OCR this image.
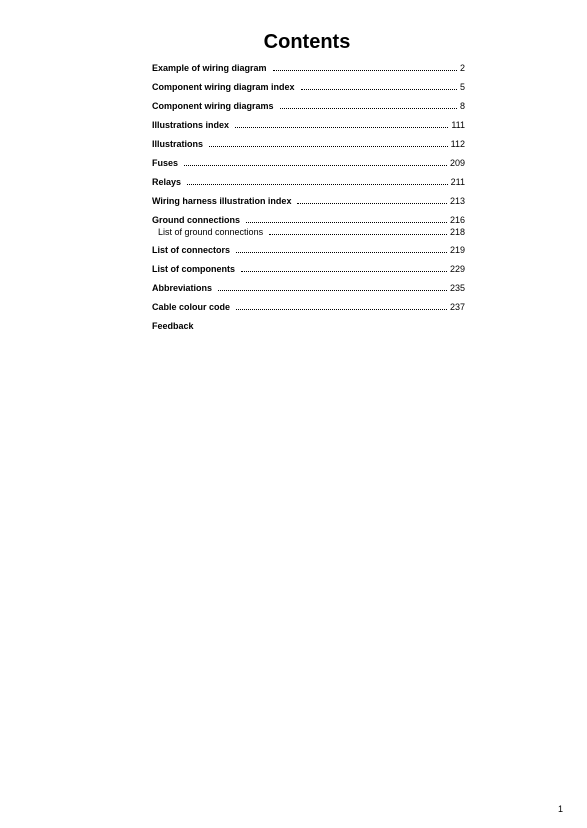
Contents
Example of wiring diagram	2
Component wiring diagram index	5
Component wiring diagrams	8
Illustrations index	111
Illustrations	112
Fuses	209
Relays	211
Wiring harness illustration index	213
Ground connections	216
List of ground connections	218
List of connectors	219
List of components	229
Abbreviations	235
Cable colour code	237
Feedback
1
